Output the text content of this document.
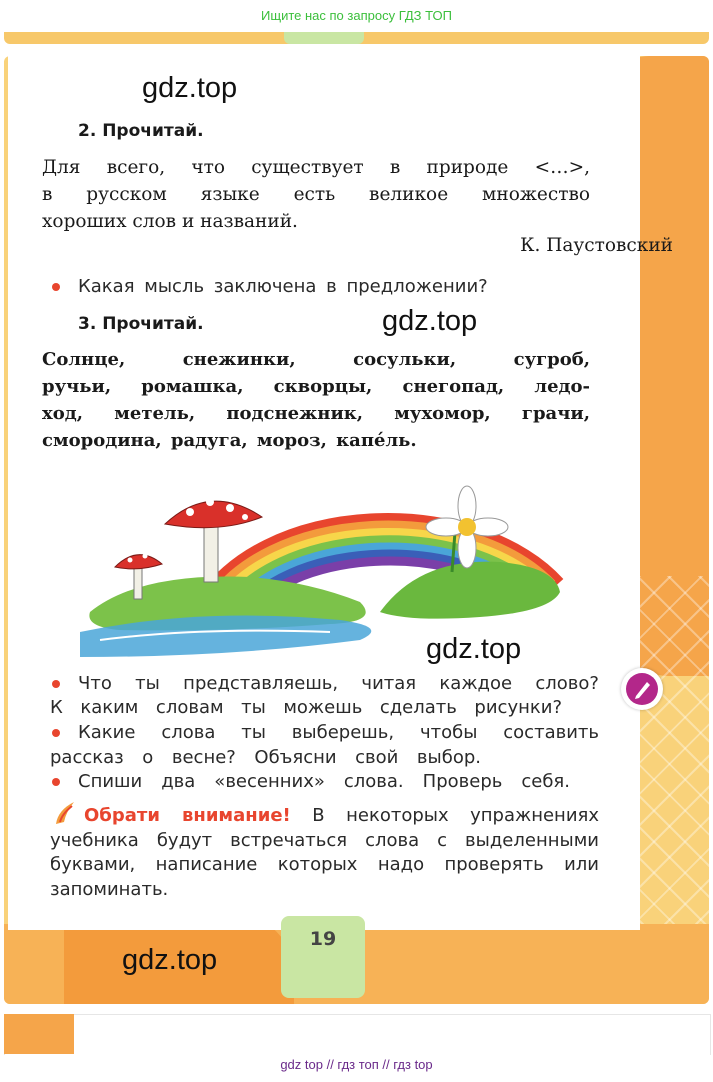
Ищите нас по запросу ГДЗ ТОП
gdz.top
gdz.top
gdz.top
gdz.top
2. Прочитай.
Для всего, что существует в природе <…>,
в русском языке есть великое множество
хороших слов и названий.
К. Паустовский
Какая мысль заключена в предложении?
3. Прочитай.
Солнце, снежинки, сосульки, сугроб,
ручьи, ромашка, скворцы, снегопад, ледо-
ход, метель, подснежник, мухомор, грачи,
смородина, радуга, мороз, капе́ль.
Что ты представляешь, читая каждое слово?
К каким словам ты можешь сделать рисунки?
Какие слова ты выберешь, чтобы составить
рассказ о весне? Объясни свой выбор.
Спиши два «весенних» слова. Проверь себя.
Обрати внимание! В некоторых упражнениях
учебника будут встречаться слова с выделенными
буквами, написание которых надо проверять или
запоминать.
19
gdz top // гдз топ // гдз top
